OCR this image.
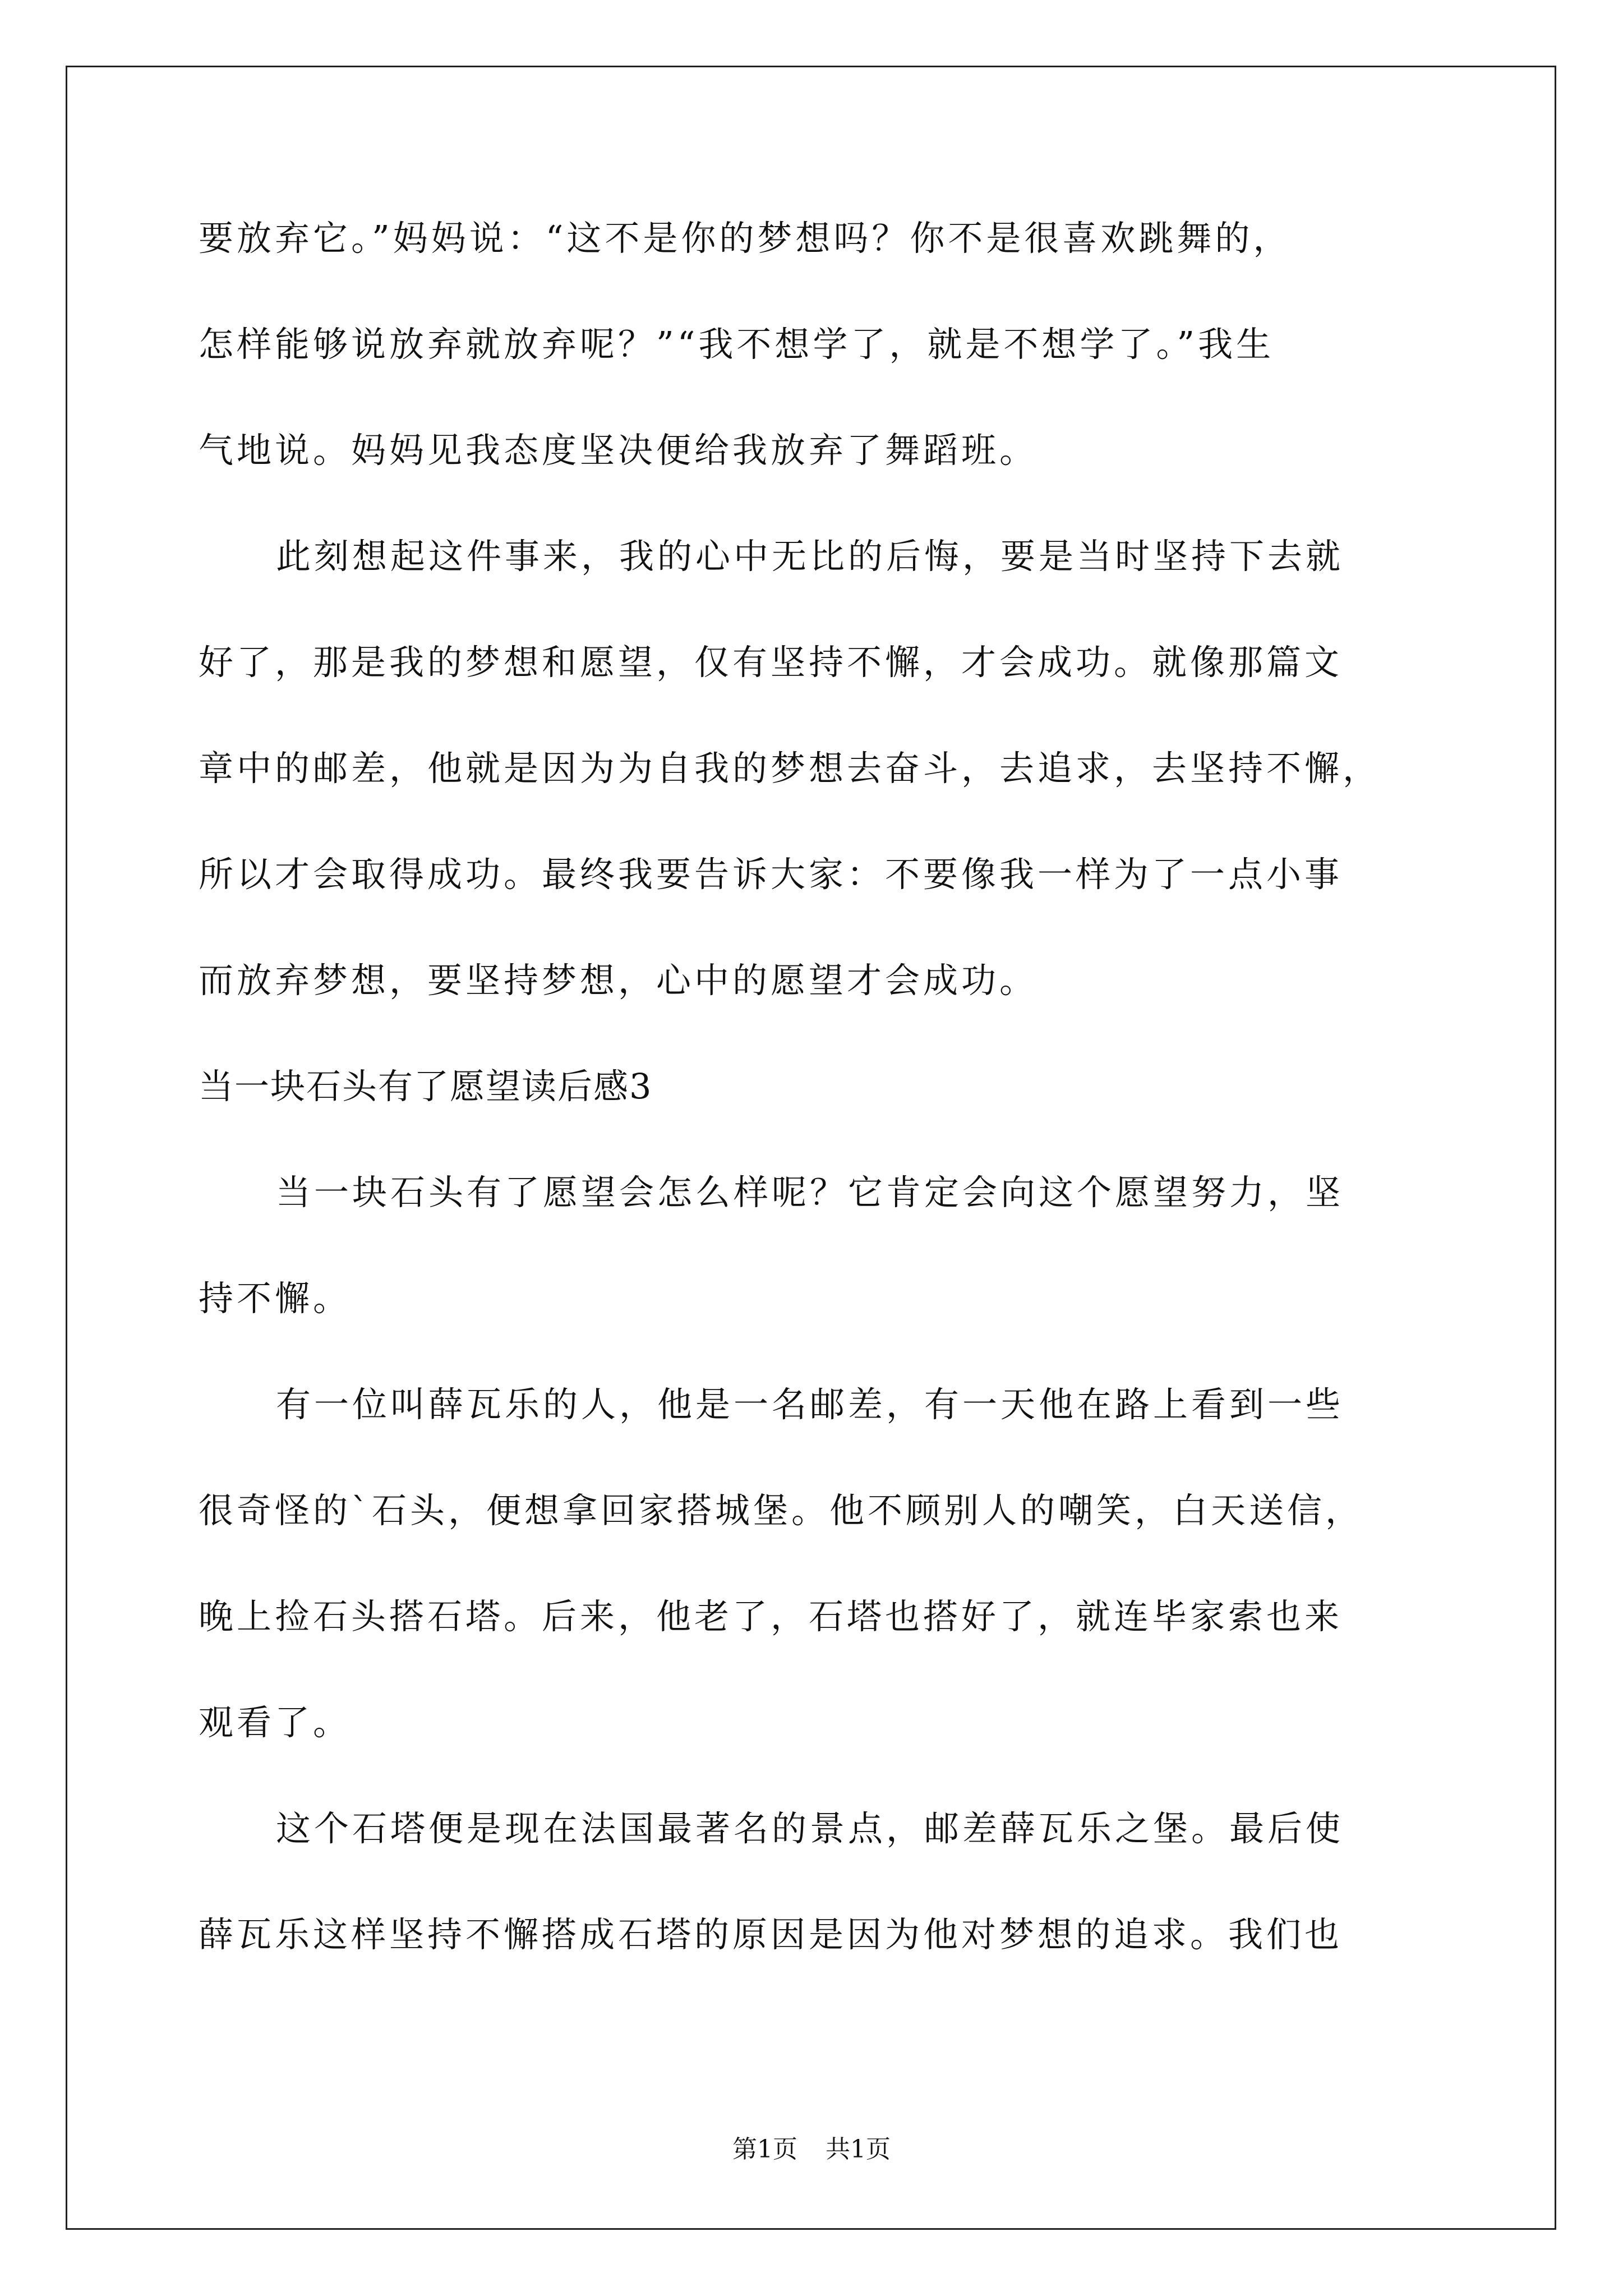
要放弃它。”妈妈说：“这不是你的梦想吗？你不是很喜欢跳舞的，
怎样能够说放弃就放弃呢？”“我不想学了，就是不想学了。”我生
气地说。妈妈见我态度坚决便给我放弃了舞蹈班。
此刻想起这件事来，我的心中无比的后悔，要是当时坚持下去就
好了，那是我的梦想和愿望，仅有坚持不懈，才会成功。就像那篇文
章中的邮差，他就是因为为自我的梦想去奋斗，去追求，去坚持不懈，
所以才会取得成功。最终我要告诉大家：不要像我一样为了一点小事
而放弃梦想，要坚持梦想，心中的愿望才会成功。
当一块石头有了愿望读后感3
当一块石头有了愿望会怎么样呢？它肯定会向这个愿望努力，坚
持不懈。
有一位叫薛瓦乐的人，他是一名邮差，有一天他在路上看到一些
很奇怪的`石头，便想拿回家搭城堡。他不顾别人的嘲笑，白天送信，
晚上捡石头搭石塔。后来，他老了，石塔也搭好了，就连毕家索也来
观看了。
这个石塔便是现在法国最著名的景点，邮差薛瓦乐之堡。最后使
薛瓦乐这样坚持不懈搭成石塔的原因是因为他对梦想的追求。我们也
第1页 共1页
